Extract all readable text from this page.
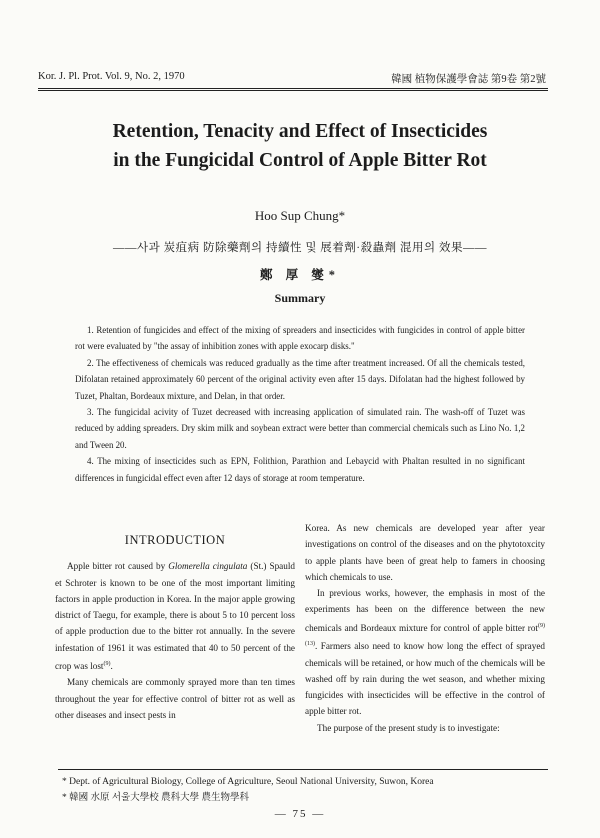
Kor. J. Pl. Prot. Vol. 9, No. 2, 1970	韓國 植物保護學會誌 第9卷 第2號
Retention, Tenacity and Effect of Insecticides
in the Fungicidal Control of Apple Bitter Rot
Hoo Sup Chung*
——사과 炭疽病 防除藥劑의 持續性 및 展着劑·殺蟲劑 混用의 效果——
鄭 厚 燮*
Summary

1. Retention of fungicides and effect of the mixing of spreaders and insecticides with fungicides in control of apple bitter rot were evaluated by "the assay of inhibition zones with apple exocarp disks."

2. The effectiveness of chemicals was reduced gradually as the time after treatment increased. Of all the chemicals tested, Difolatan retained approximately 60 percent of the original activity even after 15 days. Difolatan had the highest followed by Tuzet, Phaltan, Bordeaux mixture, and Delan, in that order.

3. The fungicidal acivity of Tuzet decreased with increasing application of simulated rain. The wash-off of Tuzet was reduced by adding spreaders. Dry skim milk and soybean extract were better than commercial chemicals such as Lino No. 1,2 and Tween 20.

4. The mixing of insecticides such as EPN, Folithion, Parathion and Lebaycid with Phaltan resulted in no significant differences in fungicidal effect even after 12 days of storage at room temperature.

INTRODUCTION

Apple bitter rot caused by Glomerella cingulata (St.) Spauld et Schroter is known to be one of the most important limiting factors in apple production in Korea. In the major apple growing district of Taegu, for example, there is about 5 to 10 percent loss of apple production due to the bitter rot annually. In the severe infestation of 1961 it was estimated that 40 to 50 percent of the crop was lost$^{(9)}$.

Many chemicals are commonly sprayed more than ten times throughout the year for effective control of bitter rot as well as other diseases and insect pests in

Korea. As new chemicals are developed year after year investigations on control of the diseases and on the phytotoxcity to apple plants have been of great help to famers in choosing which chemicals to use.

In previous works, however, the emphasis in most of the experiments has been on the difference between the new chemicals and Bordeaux mixture for control of apple bitter rot$^{(9)(13)}$. Farmers also need to know how long the effect of sprayed chemicals will be retained, or how much of the chemicals will be washed off by rain during the wet season, and whether mixing fungicides with insecticides will be effective in the control of apple bitter rot.

The purpose of the present study is to investigate:

* Dept. of Agricultural Biology, College of Agriculture, Seoul National University, Suwon, Korea
* 韓國 水原 서울大學校 農科大學 農生物學科
— 75 —
